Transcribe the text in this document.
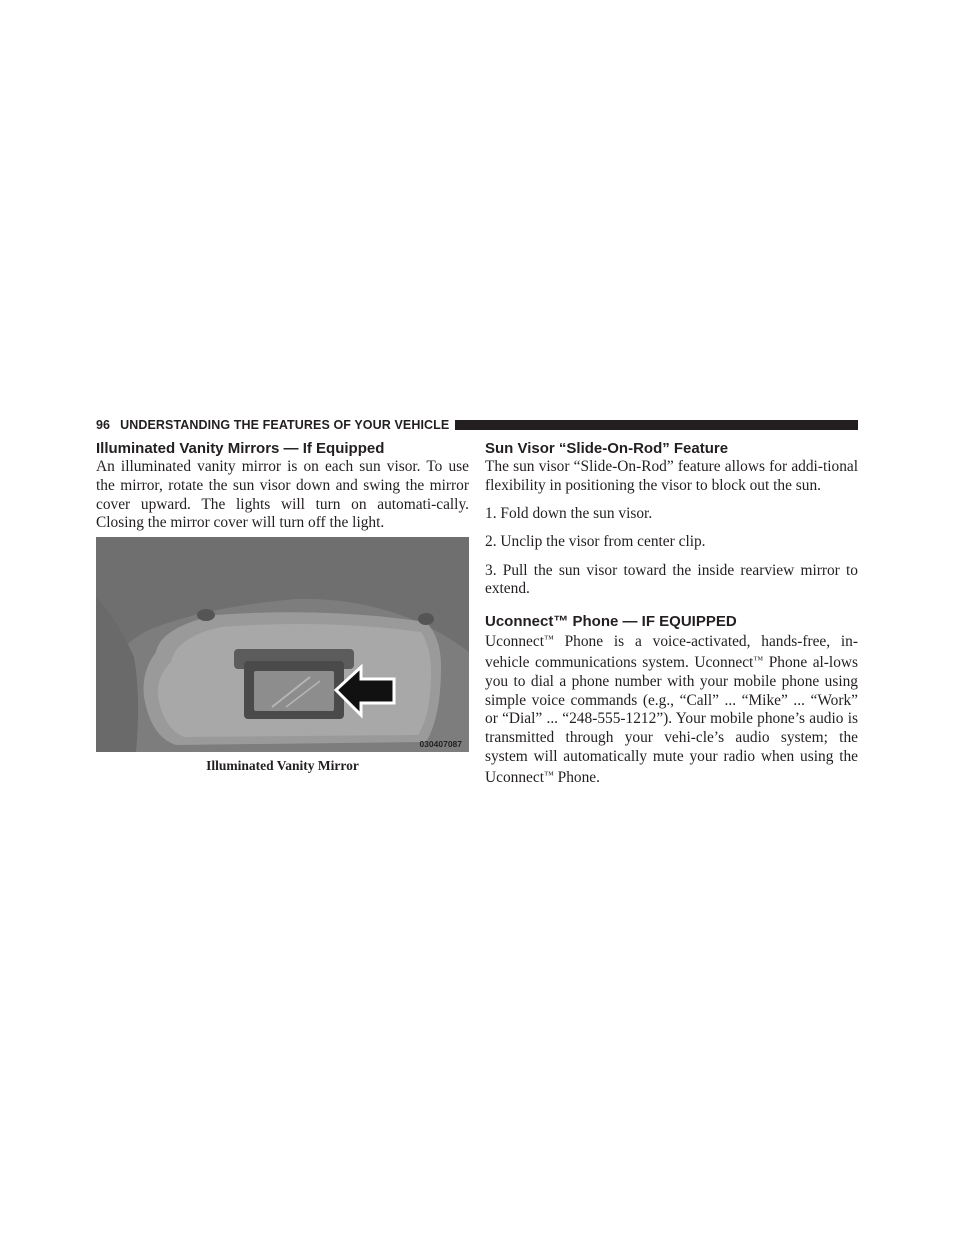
96 UNDERSTANDING THE FEATURES OF YOUR VEHICLE
Illuminated Vanity Mirrors — If Equipped

An illuminated vanity mirror is on each sun visor. To use the mirror, rotate the sun visor down and swing the mirror cover upward. The lights will turn on automati-cally. Closing the mirror cover will turn off the light.

030407087
Illuminated Vanity Mirror
Sun Visor “Slide-On-Rod” Feature

The sun visor “Slide-On-Rod” feature allows for addi-tional flexibility in positioning the visor to block out the sun.

1. Fold down the sun visor.

2. Unclip the visor from center clip.

3. Pull the sun visor toward the inside rearview mirror to extend.

Uconnect™ Phone — IF EQUIPPED

Uconnect™ Phone is a voice-activated, hands-free, in-vehicle communications system. Uconnect™ Phone al-lows you to dial a phone number with your mobile phone using simple voice commands (e.g., “Call” ... “Mike” ... “Work” or “Dial” ... “248-555-1212”). Your mobile phone’s audio is transmitted through your vehi-cle’s audio system; the system will automatically mute your radio when using the Uconnect™ Phone.
